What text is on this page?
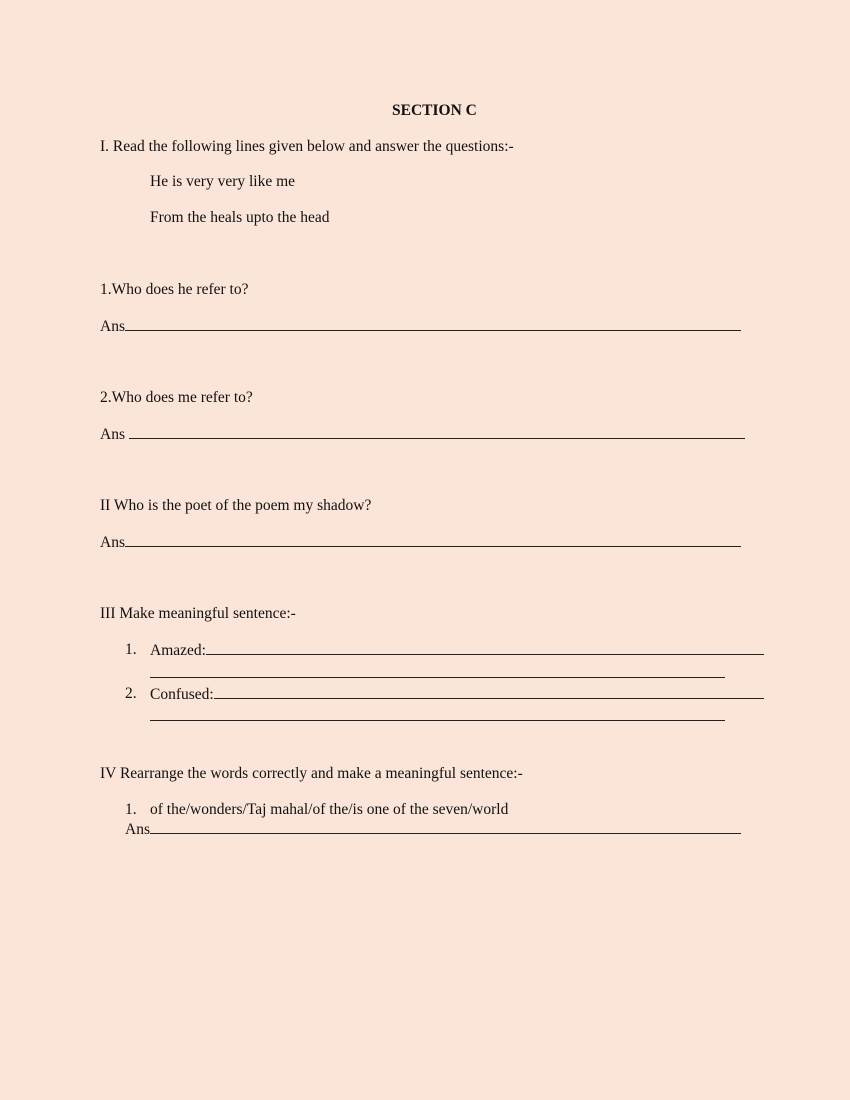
SECTION C
I. Read the following lines given below and answer the questions:-
He is very very like me
From the heals upto the head
1.Who does he refer to?
Ans
2.Who does me refer to?
Ans
II Who is the poet of the poem my shadow?
Ans
III Make meaningful sentence:-
1. Amazed:
2. Confused:
IV Rearrange the words correctly and make a meaningful sentence:-
1. of the/wonders/Taj mahal/of the/is one of the seven/world
Ans
